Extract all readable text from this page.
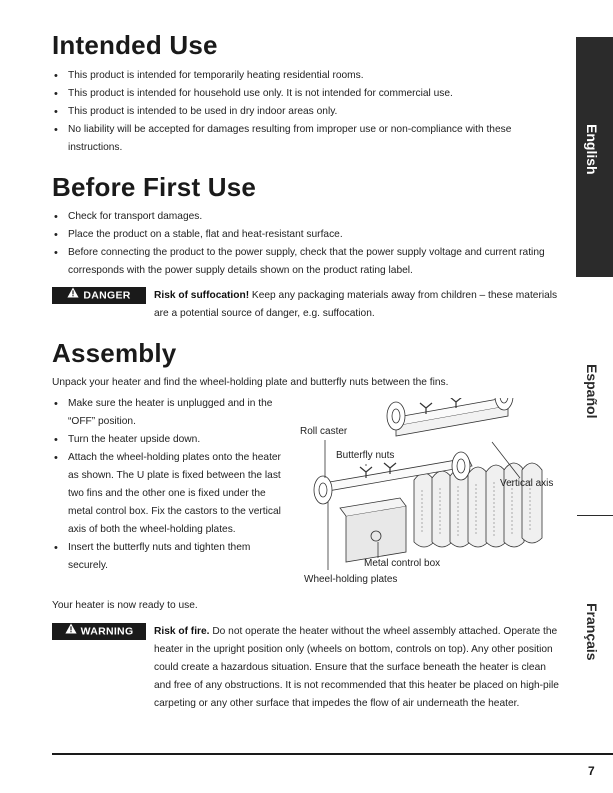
Intended Use
• This product is intended for temporarily heating residential rooms.
• This product is intended for household use only. It is not intended for commercial use.
• This product is intended to be used in dry indoor areas only.
• No liability will be accepted for damages resulting from improper use or non-compliance with these instructions.
Before First Use
• Check for transport damages.
• Place the product on a stable, flat and heat-resistant surface.
• Before connecting the product to the power supply, check that the power supply voltage and current rating corresponds with the power supply details shown on the product rating label.
DANGER	Risk of suffocation! Keep any packaging materials away from children – these materials are a potential source of danger, e.g. suffocation.

Assembly

Unpack your heater and find the wheel-holding plate and butterfly nuts between the fins.

• Make sure the heater is unplugged and in the “OFF” position.
• Turn the heater upside down.
• Attach the wheel-holding plates onto the heater as shown. The U plate is fixed between the last two fins and the other one is fixed under the metal control box. Fix the castors to the vertical axis of both the wheel-holding plates.
• Insert the butterfly nuts and tighten them securely.

Your heater is now ready to use.

Roll caster
Butterfly nuts
Vertical axis
Metal control box
Wheel-holding plates
WARNING	Risk of fire. Do not operate the heater without the wheel assembly attached. Operate the heater in the upright position only (wheels on bottom, controls on top). Any other position could create a hazardous situation. Ensure that the surface beneath the heater is clean and free of any obstructions. It is not recommended that this heater be placed on high-pile carpeting or any other surface that impedes the flow of air underneath the heater.

English
Español
Français
7
